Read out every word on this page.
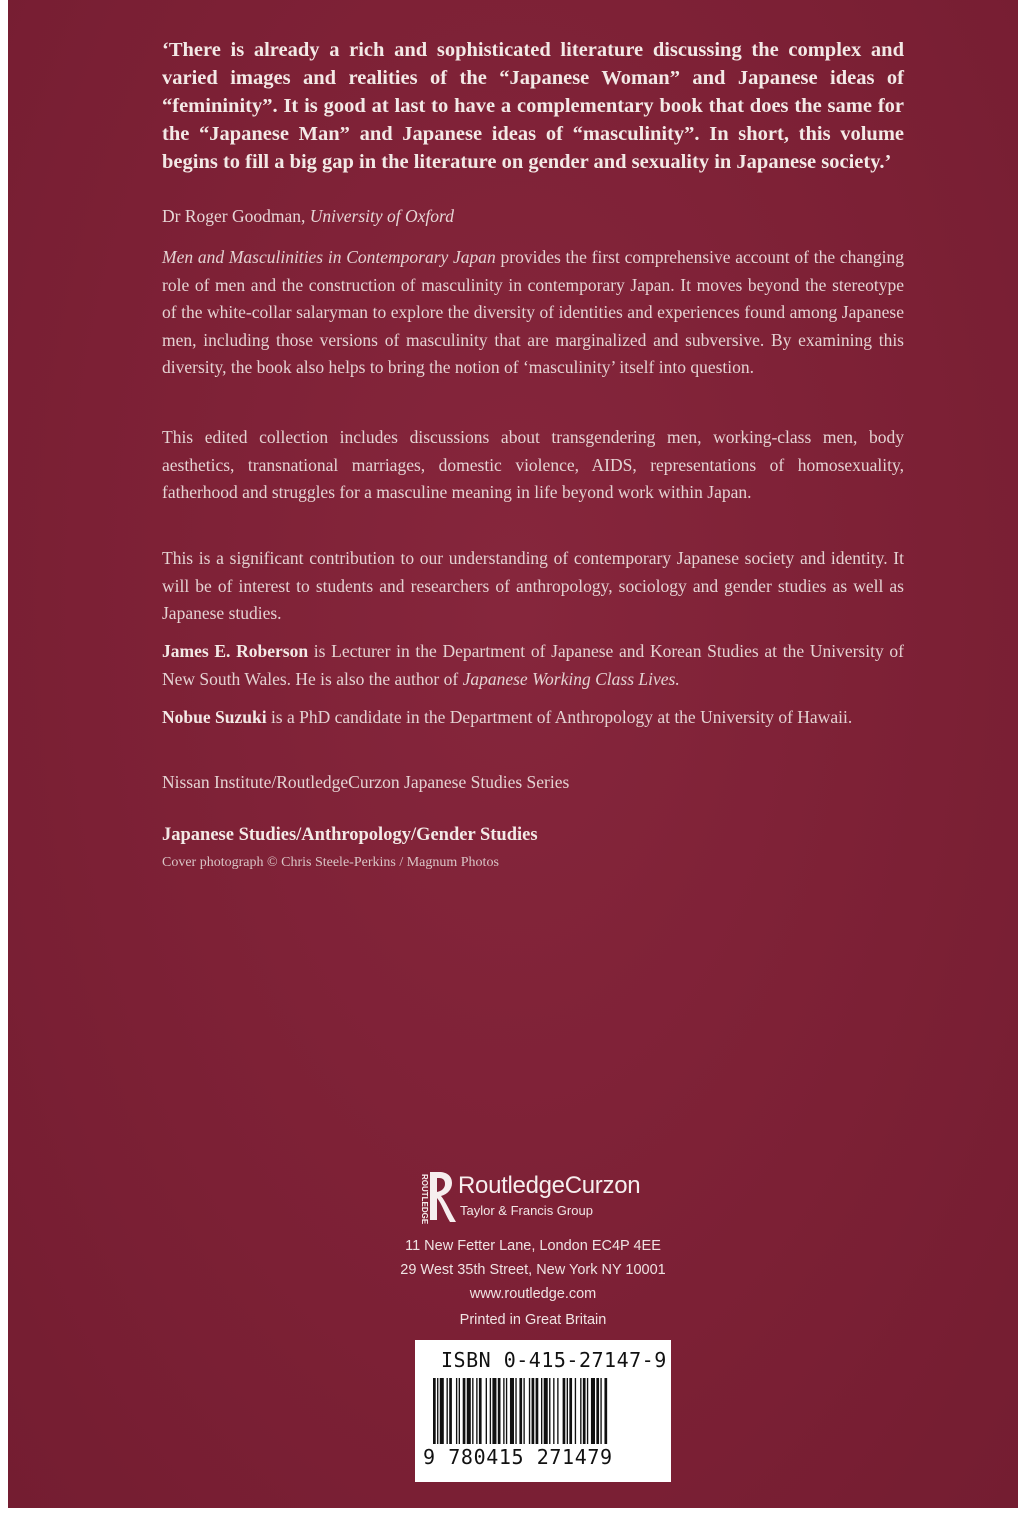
‘There is already a rich and sophisticated literature discussing the complex and varied images and realities of the “Japanese Woman” and Japanese ideas of “femininity”. It is good at last to have a complementary book that does the same for the “Japanese Man” and Japanese ideas of “masculinity”. In short, this volume begins to fill a big gap in the literature on gender and sexuality in Japanese society.’
Dr Roger Goodman, University of Oxford

Men and Masculinities in Contemporary Japan provides the first comprehensive account of the changing role of men and the construction of masculinity in contemporary Japan. It moves beyond the stereotype of the white-collar salaryman to explore the diversity of identities and experiences found among Japanese men, including those versions of masculinity that are marginalized and subversive. By examining this diversity, the book also helps to bring the notion of ‘masculinity’ itself into question.

This edited collection includes discussions about transgendering men, working-class men, body aesthetics, transnational marriages, domestic violence, AIDS, representations of homosexuality, fatherhood and struggles for a masculine meaning in life beyond work within Japan.

This is a significant contribution to our understanding of contemporary Japanese society and identity. It will be of interest to students and researchers of anthropology, sociology and gender studies as well as Japanese studies.

James E. Roberson is Lecturer in the Department of Japanese and Korean Studies at the University of New South Wales. He is also the author of Japanese Working Class Lives.

Nobue Suzuki is a PhD candidate in the Department of Anthropology at the University of Hawaii.

Nissan Institute/RoutledgeCurzon Japanese Studies Series

Japanese Studies/Anthropology/Gender Studies
Cover photograph © Chris Steele-Perkins / Magnum Photos
ROUTLEDGE RoutledgeCurzon
Taylor & Francis Group
11 New Fetter Lane, London EC4P 4EE
29 West 35th Street, New York NY 10001
www.routledge.com
Printed in Great Britain
ISBN 0-415-27147-9
9 780415 271479
